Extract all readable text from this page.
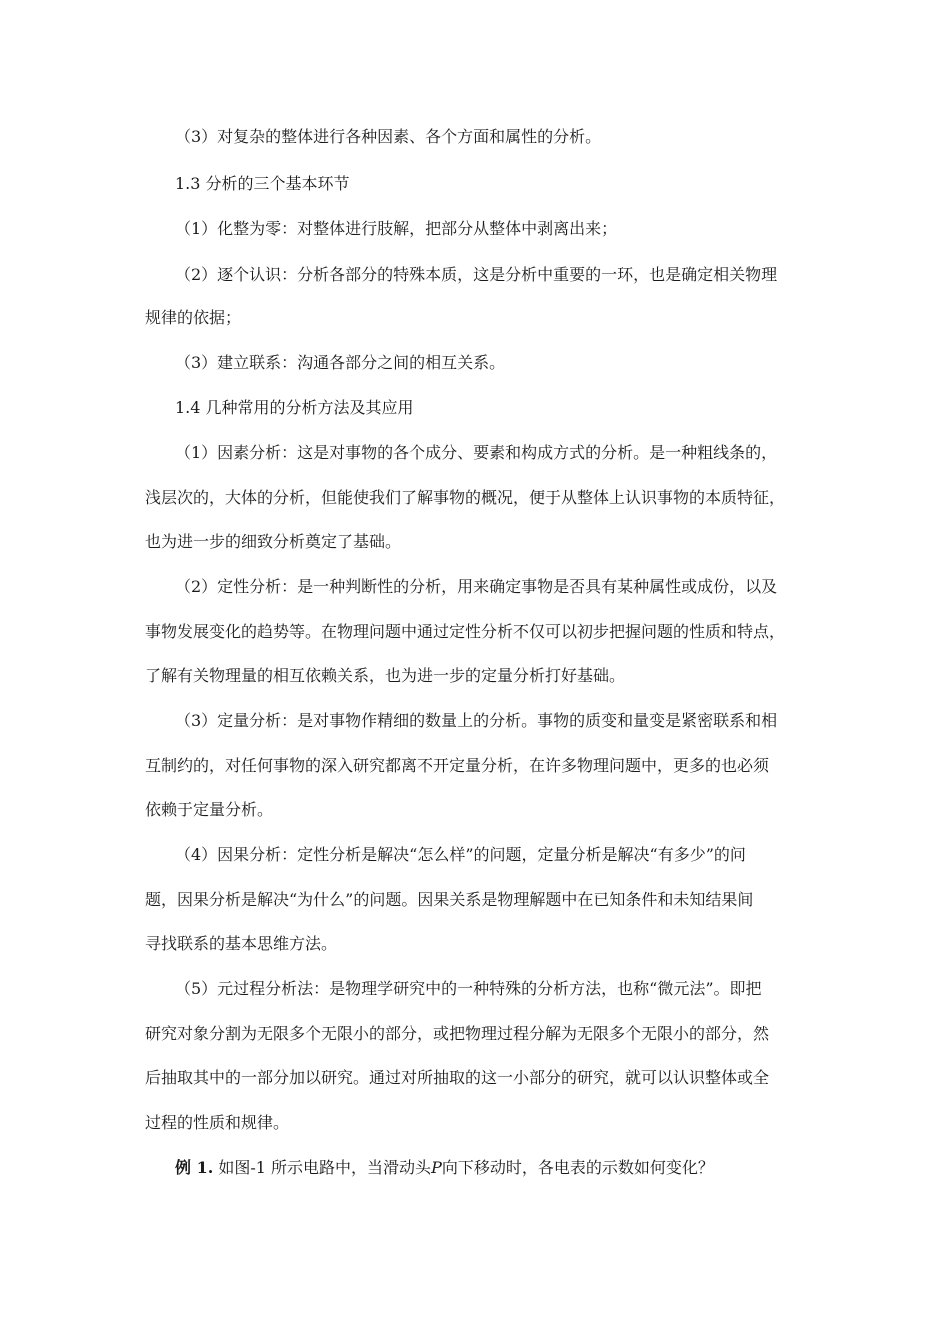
（3）对复杂的整体进行各种因素、各个方面和属性的分析。
1.3 分析的三个基本环节
（1）化整为零：对整体进行肢解，把部分从整体中剥离出来；
（2）逐个认识：分析各部分的特殊本质，这是分析中重要的一环，也是确定相关物理
规律的依据；
（3）建立联系：沟通各部分之间的相互关系。
1.4 几种常用的分析方法及其应用
（1）因素分析：这是对事物的各个成分、要素和构成方式的分析。是一种粗线条的，
浅层次的，大体的分析，但能使我们了解事物的概况，便于从整体上认识事物的本质特征，
也为进一步的细致分析奠定了基础。
（2）定性分析：是一种判断性的分析，用来确定事物是否具有某种属性或成份，以及
事物发展变化的趋势等。在物理问题中通过定性分析不仅可以初步把握问题的性质和特点，
了解有关物理量的相互依赖关系，也为进一步的定量分析打好基础。
（3）定量分析：是对事物作精细的数量上的分析。事物的质变和量变是紧密联系和相
互制约的，对任何事物的深入研究都离不开定量分析，在许多物理问题中，更多的也必须
依赖于定量分析。
（4）因果分析：定性分析是解决“怎么样”的问题，定量分析是解决“有多少”的问
题，因果分析是解决“为什么”的问题。因果关系是物理解题中在已知条件和未知结果间
寻找联系的基本思维方法。
（5）元过程分析法：是物理学研究中的一种特殊的分析方法，也称“微元法”。即把
研究对象分割为无限多个无限小的部分，或把物理过程分解为无限多个无限小的部分，然
后抽取其中的一部分加以研究。通过对所抽取的这一小部分的研究，就可以认识整体或全
过程的性质和规律。
例 1. 如图-1 所示电路中，当滑动头P向下移动时，各电表的示数如何变化？
